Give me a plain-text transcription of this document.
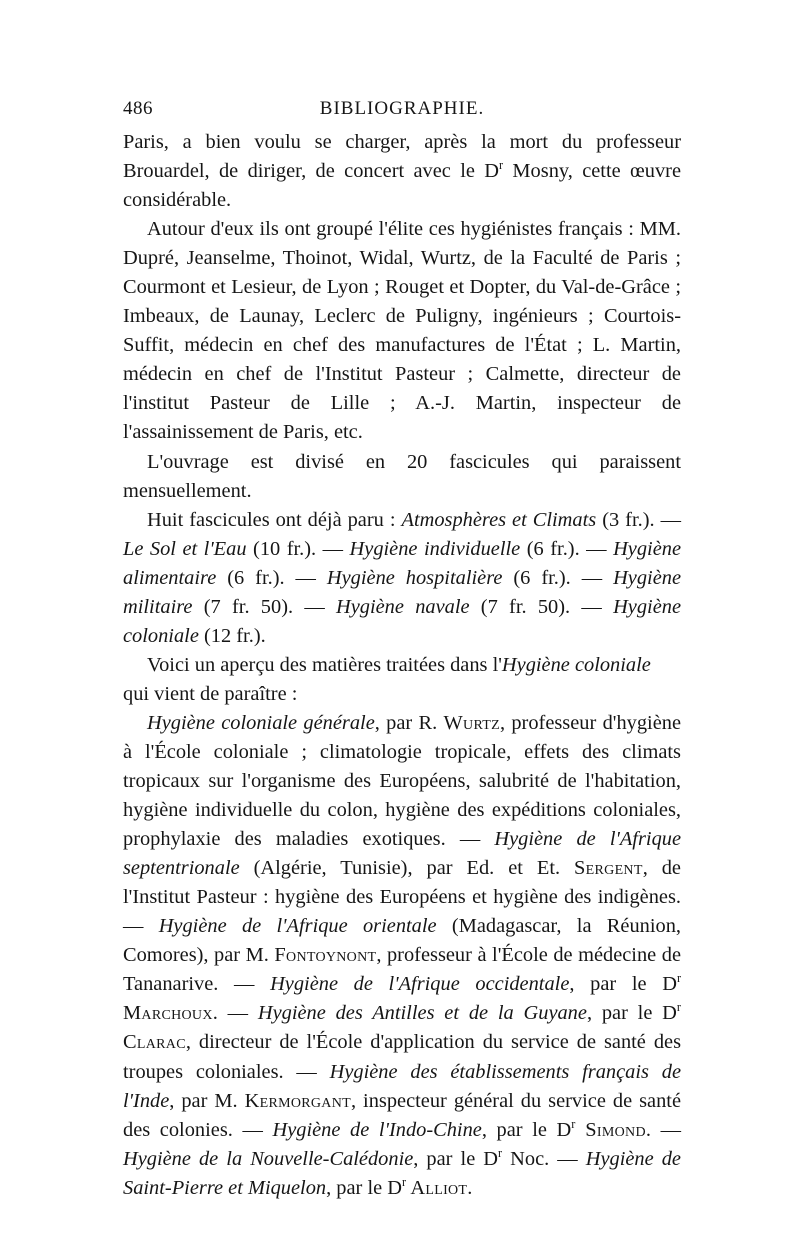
486	BIBLIOGRAPHIE.

Paris, a bien voulu se charger, après la mort du professeur Brouardel, de diriger, de concert avec le $D^r$ Mosny, cette œuvre considérable.

Autour d'eux ils ont groupé l'élite ces hygiénistes français : MM. Dupré, Jeanselme, Thoinot, Widal, Wurtz, de la Faculté de Paris ; Courmont et Lesieur, de Lyon ; Rouget et Dopter, du Val-de-Grâce ; Imbeaux, de Launay, Leclerc de Puligny, ingénieurs ; Courtois-Suffit, médecin en chef des manufactures de l'État ; L. Martin, médecin en chef de l'Institut Pasteur ; Calmette, directeur de l'institut Pasteur de Lille ; A.-J. Martin, inspecteur de l'assainissement de Paris, etc.

L'ouvrage est divisé en 20 fascicules qui paraissent mensuellement.

Huit fascicules ont déjà paru : Atmosphères et Climats (3 fr.). — Le Sol et l'Eau (10 fr.). — Hygiène individuelle (6 fr.). — Hygiène alimentaire (6 fr.). — Hygiène hospitalière (6 fr.). — Hygiène militaire (7 fr. 50). — Hygiène navale (7 fr. 50). — Hygiène coloniale (12 fr.).

Voici un aperçu des matières traitées dans l'Hygiène coloniale qui vient de paraître :

Hygiène coloniale générale, par R. Wurtz, professeur d'hygiène à l'École coloniale ; climatologie tropicale, effets des climats tropicaux sur l'organisme des Européens, salubrité de l'habitation, hygiène individuelle du colon, hygiène des expéditions coloniales, prophylaxie des maladies exotiques. — Hygiène de l'Afrique septentrionale (Algérie, Tunisie), par Ed. et Et. Sergent, de l'Institut Pasteur : hygiène des Européens et hygiène des indigènes. — Hygiène de l'Afrique orientale (Madagascar, la Réunion, Comores), par M. Fontoynont, professeur à l'École de médecine de Tananarive. — Hygiène de l'Afrique occidentale, par le $D^r$ Marchoux. — Hygiène des Antilles et de la Guyane, par le $D^r$ Clarac, directeur de l'École d'application du service de santé des troupes coloniales. — Hygiène des établissements français de l'Inde, par M. Kermorgant, inspecteur général du service de santé des colonies. — Hygiène de l'Indo-Chine, par le $D^r$ Simond. — Hygiène de la Nouvelle-Calédonie, par le $D^r$ Noc. — Hygiène de Saint-Pierre et Miquelon, par le $D^r$ Alliot.
